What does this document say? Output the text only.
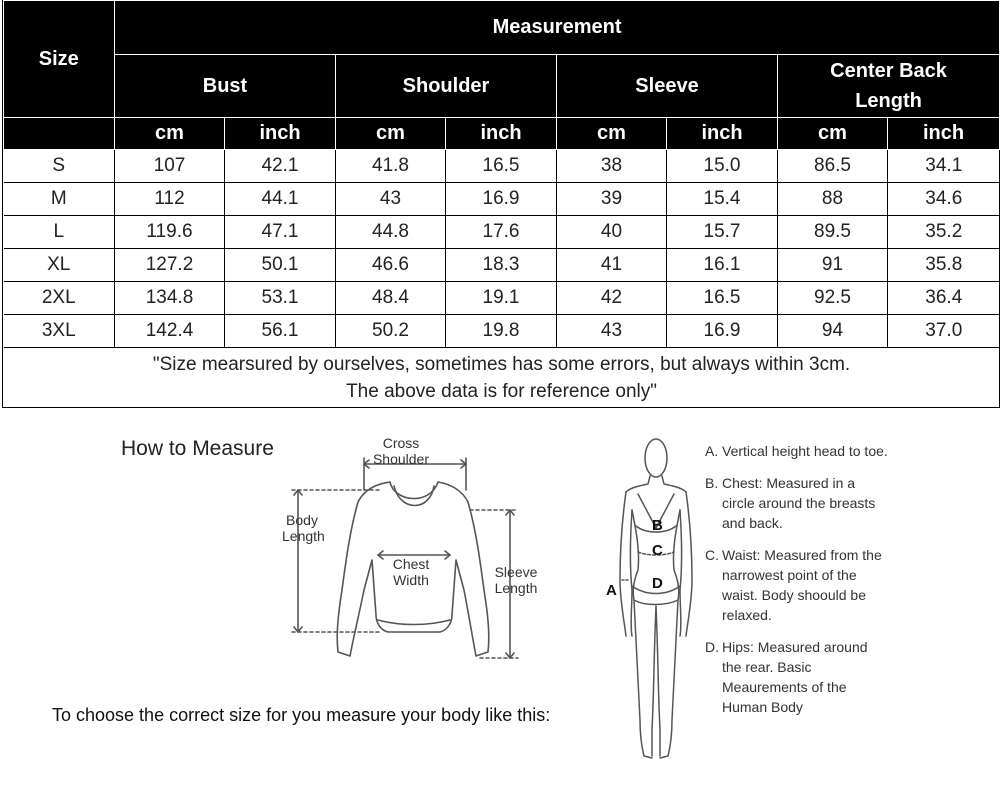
Size	Measurement							
	Bust		Shoulder		Sleeve		Center Back Length	

	cm	inch	cm	inch	cm	inch	cm	inch
S	107	42.1	41.8	16.5	38	15.0	86.5	34.1
M	112	44.1	43	16.9	39	15.4	88	34.6
L	119.6	47.1	44.8	17.6	40	15.7	89.5	35.2
XL	127.2	50.1	46.6	18.3	41	16.1	91	35.8
2XL	134.8	53.1	48.4	19.1	42	16.5	92.5	36.4
3XL	142.4	56.1	50.2	19.8	43	16.9	94	37.0

"Size mearsured by ourselves, sometimes has some errors, but always within 3cm.
The above data is for reference only"								
How to Measure	Cross
Shoulder
Body
Length
Chest
Width	Sleeve
Length	A
B
C
D
A. Vertical height head to toe.
B. Chest: Measured in a circle around the breasts and back.
C. Waist: Measured from the narrowest point of the waist. Body shoould be relaxed.
D. Hips: Measured around the rear. Basic Meaurements of the Human Body
To choose the correct size for you measure your body like this:
